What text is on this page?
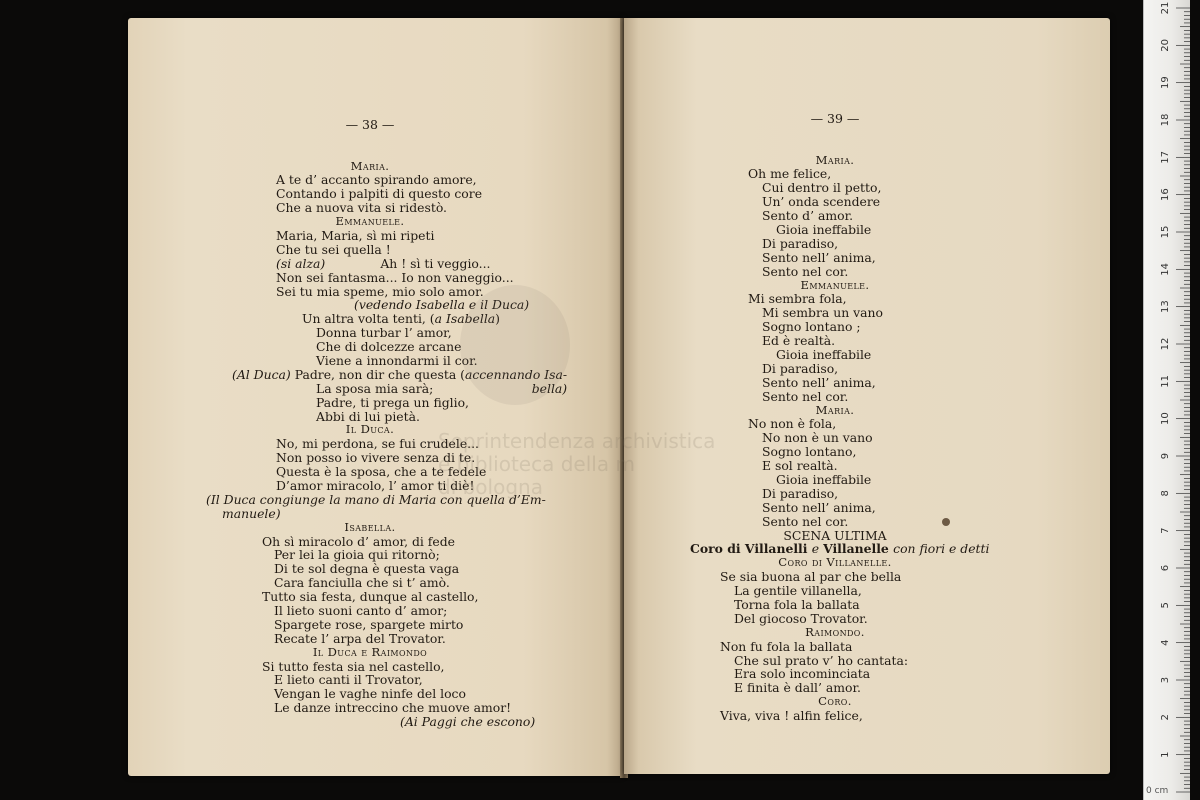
— 38 —

Maria.
A te d’ accanto spirando amore,
Contando i palpiti di questo core
Che a nuova vita si ridestò.
Emmanuele.
Maria, Maria, sì mi ripeti
Che tu sei quella !
(si alza)              Ah ! sì ti veggio...
Non sei fantasma... Io non vaneggio...
Sei tu mia speme, mio solo amor.
(vedendo Isabella e il Duca)
Un altra volta tenti, (a Isabella)
Donna turbar l’ amor,
Che di dolcezze arcane
Viene a innondarmi il cor.
(Al Duca) Padre, non dir che questa (accennando Isa-
La sposa mia sarà;                         bella)
Padre, ti prega un figlio,
Abbi di lui pietà.
Il Duca.
No, mi perdona, se fui crudele...
Non posso io vivere senza di te.
Questa è la sposa, che a te fedele
D’amor miracolo, l’ amor ti diè!
(Il Duca congiunge la mano di Maria con quella d’Em-
manuele)
Isabella.
Oh sì miracolo d’ amor, di fede
Per lei la gioia qui ritornò;
Di te sol degna è questa vaga
Cara fanciulla che si t’ amò.
Tutto sia festa, dunque al castello,
Il lieto suoni canto d’ amor;
Spargete rose, spargete mirto
Recate l’ arpa del Trovator.
Il Duca e Raimondo
Si tutto festa sia nel castello,
E lieto canti il Trovator,
Vengan le vaghe ninfe del loco
Le danze intreccino che muove amor!
(Ai Paggi che escono)

— 39 —

Maria.
Oh me felice,
Cui dentro il petto,
Un’ onda scendere
Sento d’ amor.
Gioia ineffabile
Di paradiso,
Sento nell’ anima,
Sento nel cor.
Emmanuele.
Mi sembra fola,
Mi sembra un vano
Sogno lontano ;
Ed è realtà.
Gioia ineffabile
Di paradiso,
Sento nell’ anima,
Sento nel cor.
Maria.
No non è fola,
No non è un vano
Sogno lontano,
E sol realtà.
Gioia ineffabile
Di paradiso,
Sento nell’ anima,
Sento nel cor.
SCENA ULTIMA
Coro di Villanelli e Villanelle con fiori e detti
Coro di Villanelle.
Se sia buona al par che bella
La gentile villanella,
Torna fola la ballata
Del giocoso Trovator.
Raimondo.
Non fu fola la ballata
Che sul prato v’ ho cantata:
Era solo incominciata
E finita è dall’ amor.
Coro.
Viva, viva ! alfin felice,
Soprintendenza archivistica
e biblioteca della m
di bologna
1
2
3
4
5
6
7
8
9
10
11
12
13
14
15
16
17
18
19
20
21
0 cm
